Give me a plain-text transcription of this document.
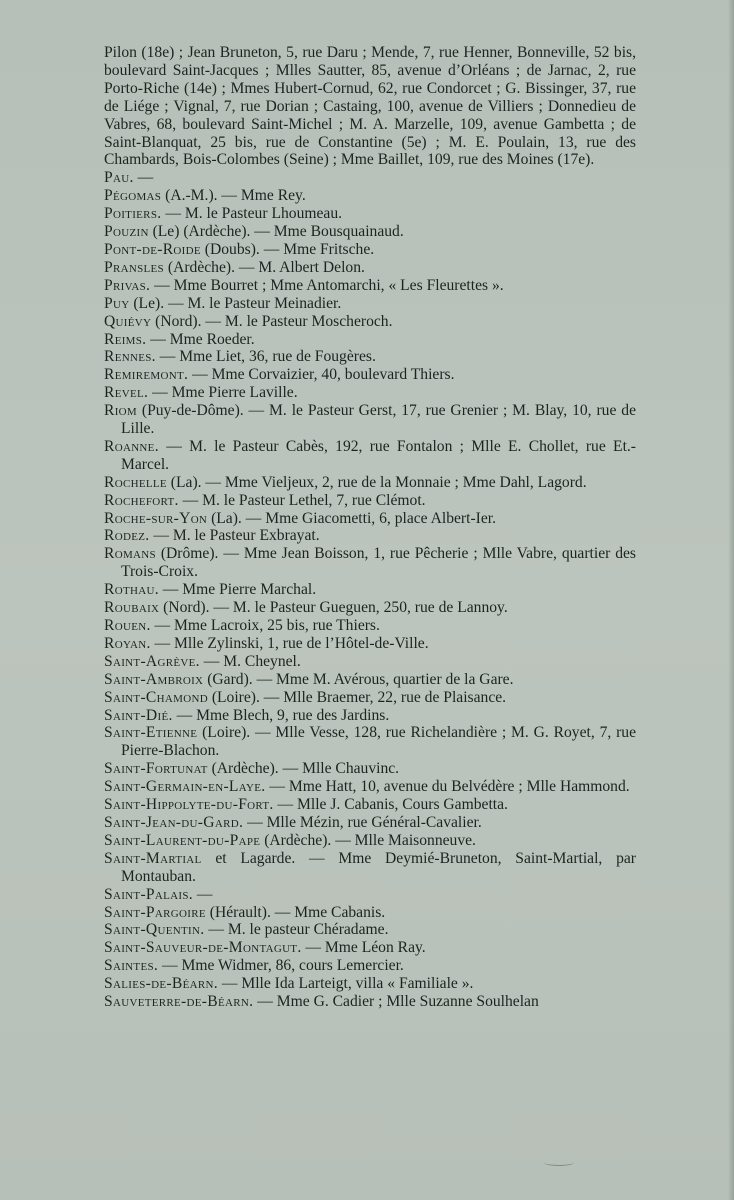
Pilon (18e) ; Jean Bruneton, 5, rue Daru ; Mende, 7, rue Henner, Bonneville, 52 bis, boulevard Saint-Jacques ; Mlles Sautter, 85, avenue d’Orléans ; de Jarnac, 2, rue Porto-Riche (14e) ; Mmes Hubert-Cornud, 62, rue Condorcet ; G. Bissinger, 37, rue de Liége ; Vignal, 7, rue Dorian ; Castaing, 100, avenue de Villiers ; Donnedieu de Vabres, 68, boulevard Saint-Michel ; M. A. Marzelle, 109, avenue Gambetta ; de Saint-Blanquat, 25 bis, rue de Constantine (5e) ; M. E. Poulain, 13, rue des Chambards, Bois-Colombes (Seine) ; Mme Baillet, 109, rue des Moines (17e).

Pau. —

Pégomas (A.-M.). — Mme Rey.

Poitiers. — M. le Pasteur Lhoumeau.

Pouzin (Le) (Ardèche). — Mme Bousquainaud.

Pont-de-Roide (Doubs). — Mme Fritsche.

Pransles (Ardèche). — M. Albert Delon.

Privas. — Mme Bourret ; Mme Antomarchi, « Les Fleurettes ».

Puy (Le). — M. le Pasteur Meinadier.

Quiévy (Nord). — M. le Pasteur Moscheroch.

Reims. — Mme Roeder.

Rennes. — Mme Liet, 36, rue de Fougères.

Remiremont. — Mme Corvaizier, 40, boulevard Thiers.

Revel. — Mme Pierre Laville.

Riom (Puy-de-Dôme). — M. le Pasteur Gerst, 17, rue Grenier ; M. Blay, 10, rue de Lille.

Roanne. — M. le Pasteur Cabès, 192, rue Fontalon ; Mlle E. Chollet, rue Et.-Marcel.

Rochelle (La). — Mme Vieljeux, 2, rue de la Monnaie ; Mme Dahl, Lagord.

Rochefort. — M. le Pasteur Lethel, 7, rue Clémot.

Roche-sur-Yon (La). — Mme Giacometti, 6, place Albert-Ier.

Rodez. — M. le Pasteur Exbrayat.

Romans (Drôme). — Mme Jean Boisson, 1, rue Pêcherie ; Mlle Vabre, quartier des Trois-Croix.

Rothau. — Mme Pierre Marchal.

Roubaix (Nord). — M. le Pasteur Gueguen, 250, rue de Lannoy.

Rouen. — Mme Lacroix, 25 bis, rue Thiers.

Royan. — Mlle Zylinski, 1, rue de l’Hôtel-de-Ville.

Saint-Agrève. — M. Cheynel.

Saint-Ambroix (Gard). — Mme M. Avérous, quartier de la Gare.

Saint-Chamond (Loire). — Mlle Braemer, 22, rue de Plaisance.

Saint-Dié. — Mme Blech, 9, rue des Jardins.

Saint-Etienne (Loire). — Mlle Vesse, 128, rue Richelandière ; M. G. Royet, 7, rue Pierre-Blachon.

Saint-Fortunat (Ardèche). — Mlle Chauvinc.

Saint-Germain-en-Laye. — Mme Hatt, 10, avenue du Belvédère ; Mlle Hammond.

Saint-Hippolyte-du-Fort. — Mlle J. Cabanis, Cours Gambetta.

Saint-Jean-du-Gard. — Mlle Mézin, rue Général-Cavalier.

Saint-Laurent-du-Pape (Ardèche). — Mlle Maisonneuve.

Saint-Martial et Lagarde. — Mme Deymié-Bruneton, Saint-Martial, par Montauban.

Saint-Palais. —

Saint-Pargoire (Hérault). — Mme Cabanis.

Saint-Quentin. — M. le pasteur Chéradame.

Saint-Sauveur-de-Montagut. — Mme Léon Ray.

Saintes. — Mme Widmer, 86, cours Lemercier.

Salies-de-Béarn. — Mlle Ida Larteigt, villa « Familiale ».

Sauveterre-de-Béarn. — Mme G. Cadier ; Mlle Suzanne Soulhelan
